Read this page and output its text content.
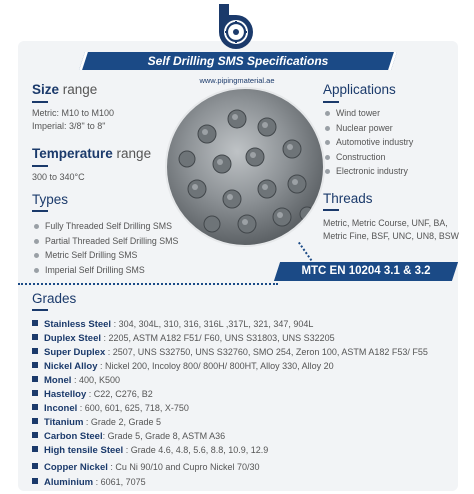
Self Drilling SMS Specifications
www.pipingmaterial.ae
Size range
Metric: M10 to M100
Imperial: 3/8" to 8"
Temperature range
300 to 340°C
Types
Fully Threaded Self Drilling SMS
Partial Threaded Self Drilling SMS
Metric Self Drilling SMS
Imperial Self Drilling SMS
Applications
Wind tower
Nuclear power
Automotive industry
Construction
Electronic industry
Threads
Metric, Metric Course, UNF, BA,
Metric Fine, BSF, UNC, UN8, BSW
MTC EN 10204 3.1 & 3.2
Grades
Stainless Steel : 304, 304L, 310, 316, 316L ,317L, 321, 347, 904L
Duplex Steel : 2205, ASTM A182 F51/ F60, UNS S31803, UNS S32205
Super Duplex : 2507, UNS S32750, UNS S32760, SMO 254, Zeron 100, ASTM A182 F53/ F55
Nickel Alloy : Nickel 200, Incoloy 800/ 800H/ 800HT, Alloy 330, Alloy 20
Monel : 400, K500
Hastelloy : C22, C276, B2
Inconel : 600, 601, 625, 718, X-750
Titanium : Grade 2, Grade 5
Carbon Steel: Grade 5, Grade 8, ASTM A36
High tensile Steel : Grade 4.6, 4.8, 5.6, 8.8, 10.9, 12.9
Copper Nickel : Cu Ni 90/10 and Cupro Nickel 70/30
Aluminium : 6061, 7075
